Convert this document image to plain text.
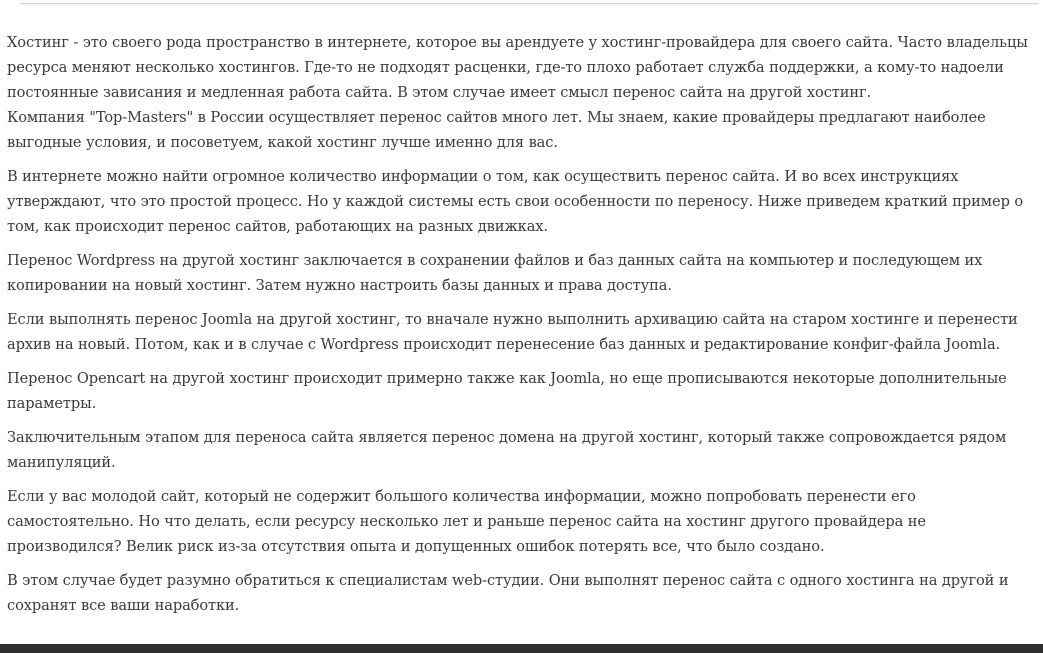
Хостинг - это своего рода пространство в интернете, которое вы арендуете у хостинг-провайдера для своего сайта. Часто владельцы ресурса меняют несколько хостингов. Где-то не подходят расценки, где-то плохо работает служба поддержки, а кому-то надоели постоянные зависания и медленная работа сайта. В этом случае имеет смысл перенос сайта на другой хостинг.
Компания "Top-Masters" в России осуществляет перенос сайтов много лет. Мы знаем, какие провайдеры предлагают наиболее выгодные условия, и посоветуем, какой хостинг лучше именно для вас.

В интернете можно найти огромное количество информации о том, как осуществить перенос сайта. И во всех инструкциях утверждают, что это простой процесс. Но у каждой системы есть свои особенности по переносу. Ниже приведем краткий пример о том, как происходит перенос сайтов, работающих на разных движках.

Перенос Wordpress на другой хостинг заключается в сохранении файлов и баз данных сайта на компьютер и последующем их копировании на новый хостинг. Затем нужно настроить базы данных и права доступа.

Если выполнять перенос Joomla на другой хостинг, то вначале нужно выполнить архивацию сайта на старом хостинге и перенести архив на новый. Потом, как и в случае с Wordpress происходит перенесение баз данных и редактирование конфиг-файла Joomla.

Перенос Opencart на другой хостинг происходит примерно также как Joomla, но еще прописываются некоторые дополнительные параметры.

Заключительным этапом для переноса сайта является перенос домена на другой хостинг, который также сопровождается рядом манипуляций.

Если у вас молодой сайт, который не содержит большого количества информации, можно попробовать перенести его самостоятельно. Но что делать, если ресурсу несколько лет и раньше перенос сайта на хостинг другого провайдера не производился? Велик риск из-за отсутствия опыта и допущенных ошибок потерять все, что было создано.

В этом случае будет разумно обратиться к специалистам web-студии. Они выполнят перенос сайта с одного хостинга на другой и сохранят все ваши наработки.
